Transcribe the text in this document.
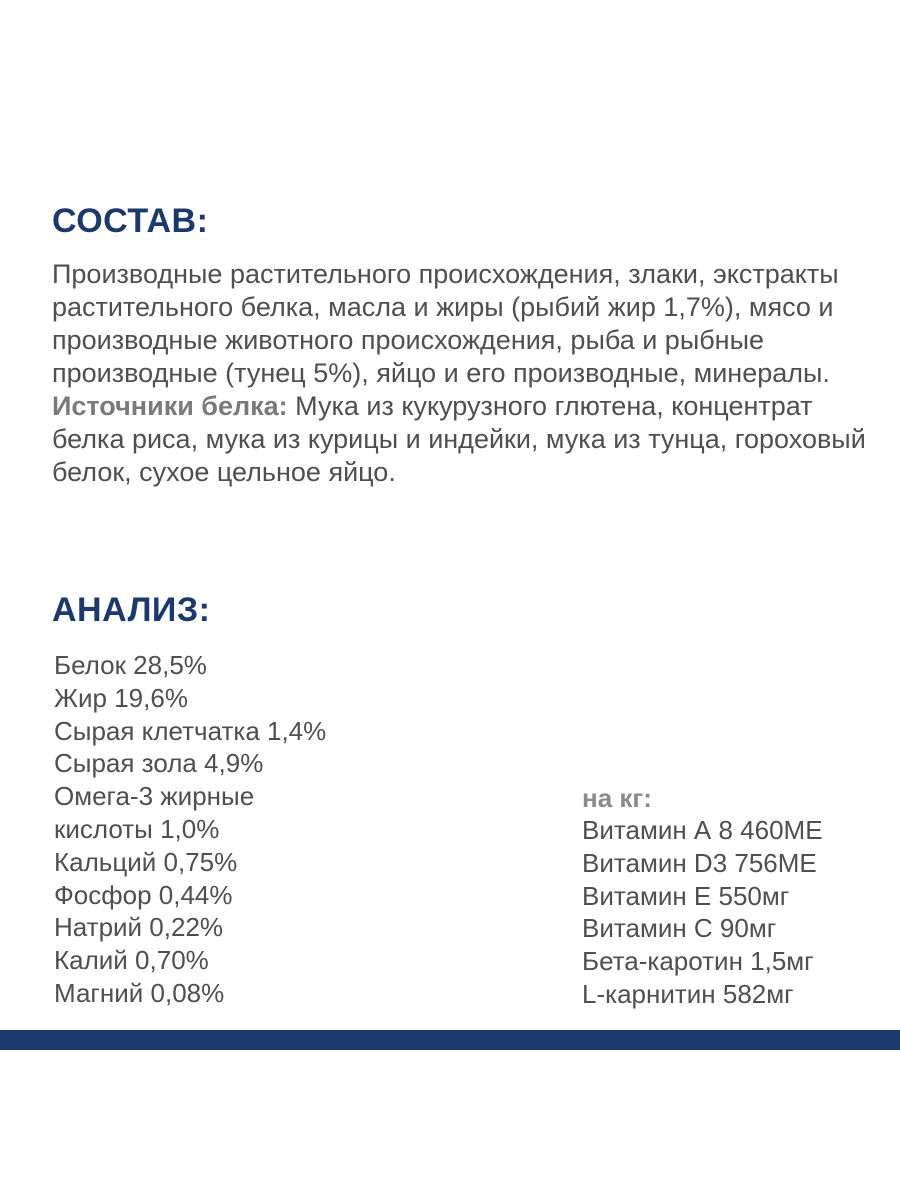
СОСТАВ:

Производные растительного происхождения, злаки, экстракты растительного белка, масла и жиры (рыбий жир 1,7%), мясо и производные животного происхождения, рыба и рыбные производные (тунец 5%), яйцо и его производные, минералы.
Источники белка: Мука из кукурузного глютена, концентрат белка риса, мука из курицы и индейки, мука из тунца, гороховый белок, сухое цельное яйцо.

АНАЛИЗ:
Белок 28,5%
Жир 19,6%
Сырая клетчатка 1,4%
Сырая зола 4,9%
Омега-3 жирные
кислоты 1,0%
Кальций 0,75%
Фосфор 0,44%
Натрий 0,22%
Калий 0,70%
Магний 0,08%
на кг:
Витамин А 8 460МЕ
Витамин D3 756МЕ
Витамин Е 550мг
Витамин С 90мг
Бета-каротин 1,5мг
L-карнитин 582мг
